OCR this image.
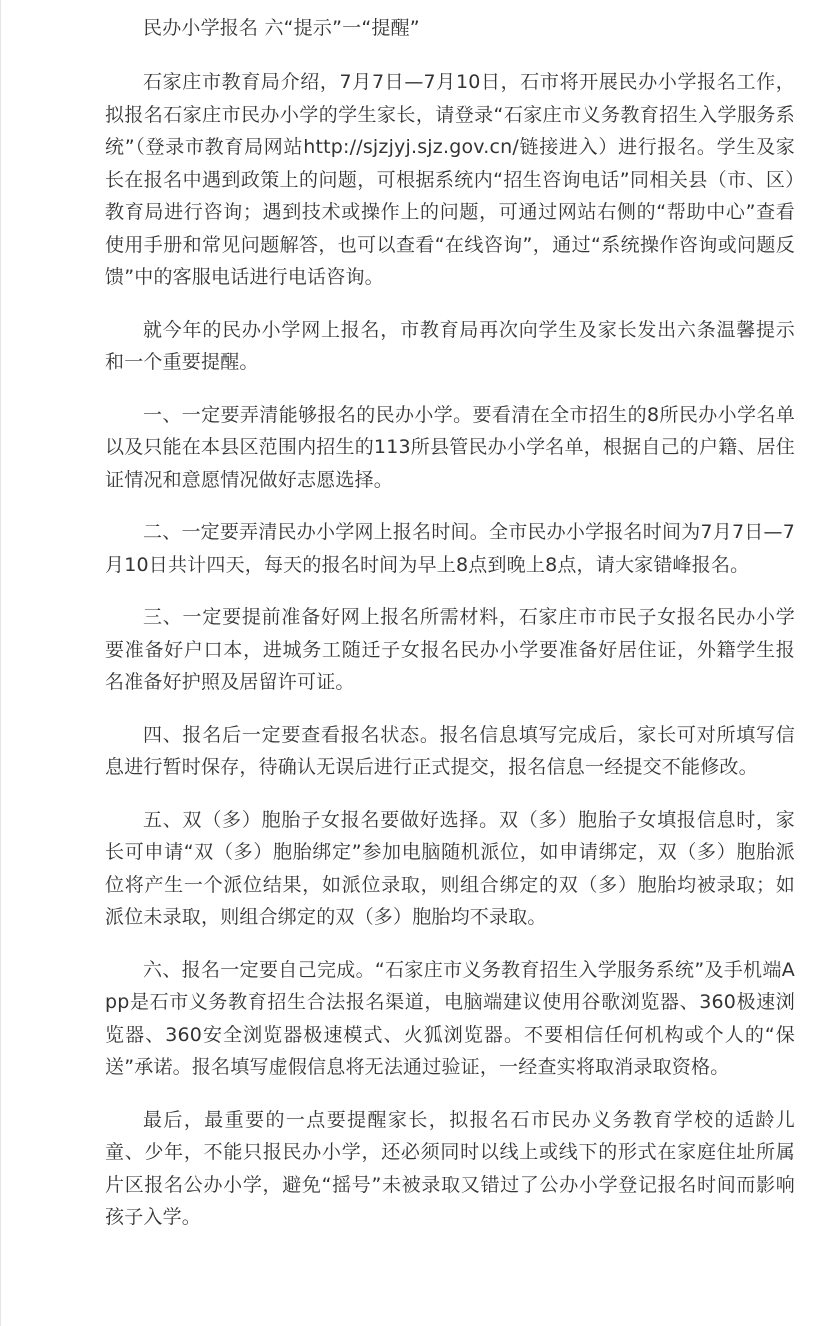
民办小学报名 六“提示”一“提醒”

石家庄市教育局介绍，7月7日—7月10日，石市将开展民办小学报名工作，拟报名石家庄市民办小学的学生家长，请登录“石家庄市义务教育招生入学服务系统”（登录市教育局网站http://sjzjyj.sjz.gov.cn/链接进入）进行报名。学生及家长在报名中遇到政策上的问题，可根据系统内“招生咨询电话”同相关县（市、区）教育局进行咨询；遇到技术或操作上的问题，可通过网站右侧的“帮助中心”查看使用手册和常见问题解答，也可以查看“在线咨询”，通过“系统操作咨询或问题反馈”中的客服电话进行电话咨询。

就今年的民办小学网上报名，市教育局再次向学生及家长发出六条温馨提示和一个重要提醒。

一、一定要弄清能够报名的民办小学。要看清在全市招生的8所民办小学名单以及只能在本县区范围内招生的113所县管民办小学名单，根据自己的户籍、居住证情况和意愿情况做好志愿选择。

二、一定要弄清民办小学网上报名时间。全市民办小学报名时间为7月7日—7月10日共计四天，每天的报名时间为早上8点到晚上8点，请大家错峰报名。

三、一定要提前准备好网上报名所需材料，石家庄市市民子女报名民办小学要准备好户口本，进城务工随迁子女报名民办小学要准备好居住证，外籍学生报名准备好护照及居留许可证。

四、报名后一定要查看报名状态。报名信息填写完成后，家长可对所填写信息进行暂时保存，待确认无误后进行正式提交，报名信息一经提交不能修改。

五、双（多）胞胎子女报名要做好选择。双（多）胞胎子女填报信息时，家长可申请“双（多）胞胎绑定”参加电脑随机派位，如申请绑定，双（多）胞胎派位将产生一个派位结果，如派位录取，则组合绑定的双（多）胞胎均被录取；如派位未录取，则组合绑定的双（多）胞胎均不录取。

六、报名一定要自己完成。“石家庄市义务教育招生入学服务系统”及手机端App是石市义务教育招生合法报名渠道，电脑端建议使用谷歌浏览器、360极速浏览器、360安全浏览器极速模式、火狐浏览器。不要相信任何机构或个人的“保送”承诺。报名填写虚假信息将无法通过验证，一经查实将取消录取资格。

最后，最重要的一点要提醒家长，拟报名石市民办义务教育学校的适龄儿童、少年，不能只报民办小学，还必须同时以线上或线下的形式在家庭住址所属片区报名公办小学，避免“摇号”未被录取又错过了公办小学登记报名时间而影响孩子入学。
